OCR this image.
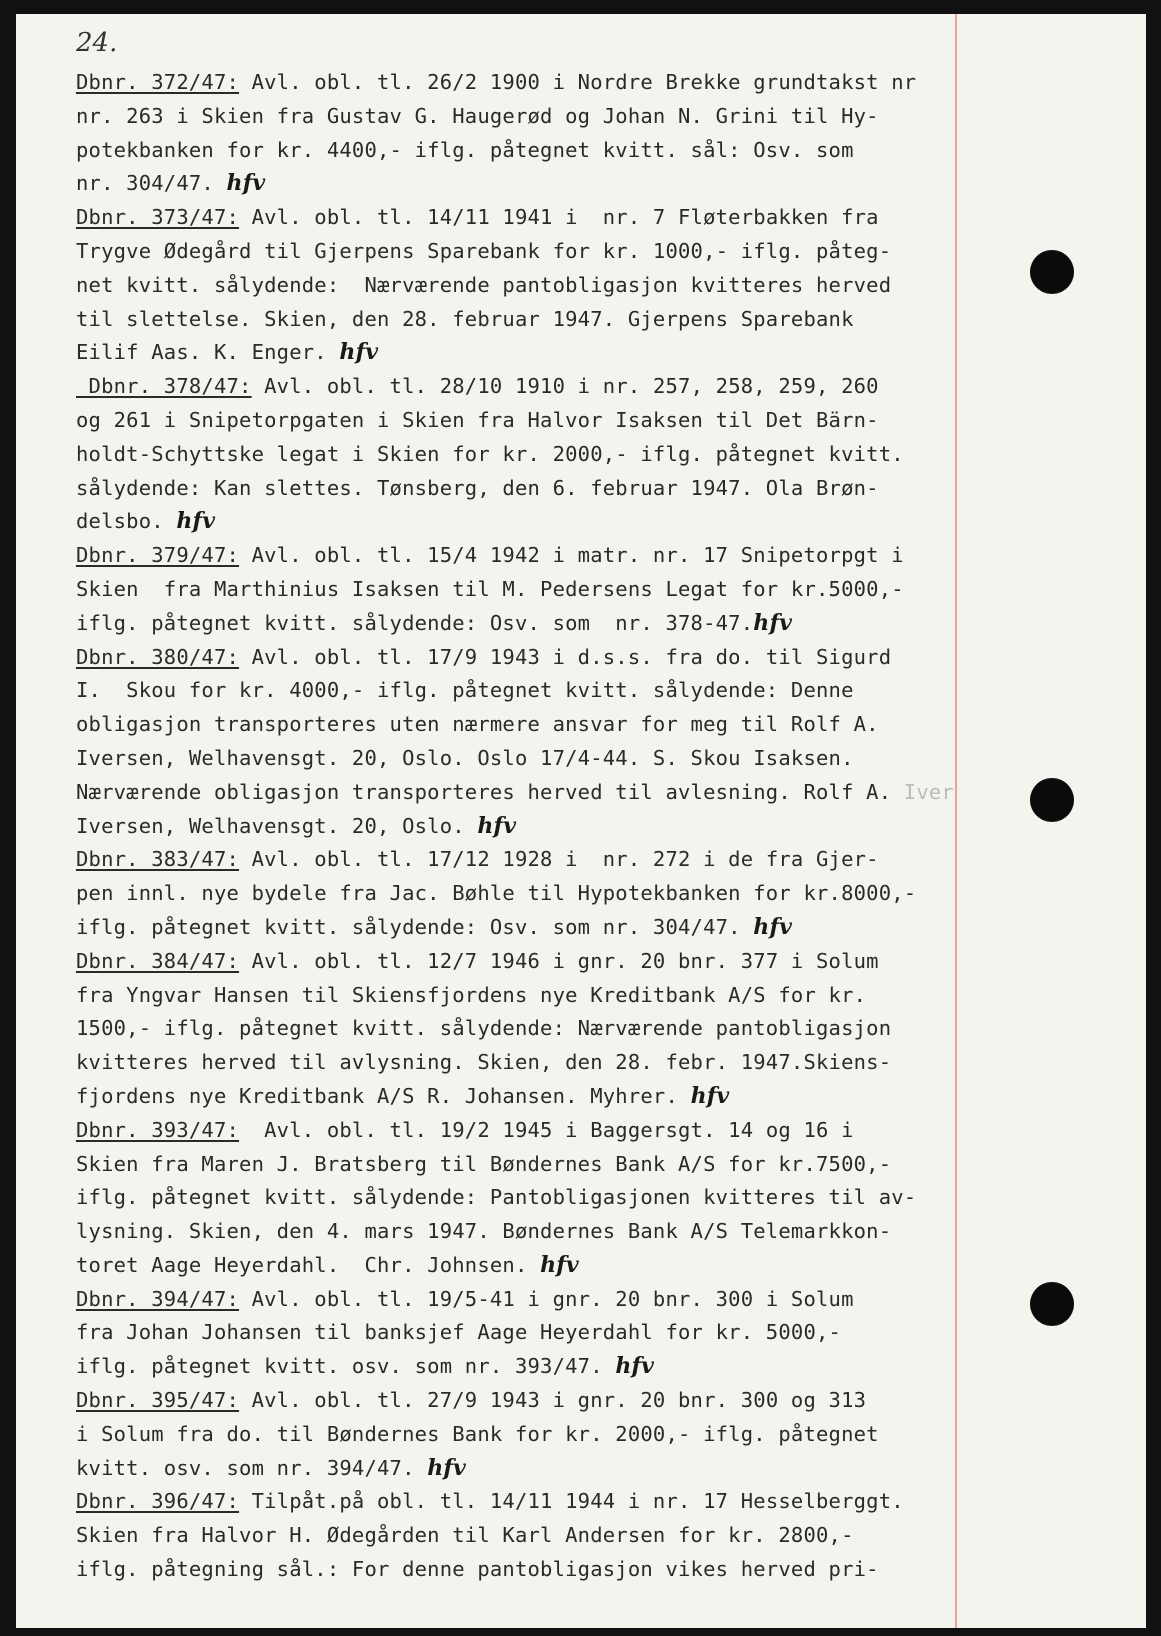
24.
Dbnr. 372/47: Avl. obl. tl. 26/2 1900 i Nordre Brekke grundtakst nr
nr. 263 i Skien fra Gustav G. Haugerød og Johan N. Grini til Hy-
potekbanken for kr. 4400,- iflg. påtegnet kvitt. sål: Osv. som
nr. 304/47. hfv
Dbnr. 373/47: Avl. obl. tl. 14/11 1941 i  nr. 7 Fløterbakken fra
Trygve Ødegård til Gjerpens Sparebank for kr. 1000,- iflg. påteg-
net kvitt. sålydende:  Nærværende pantobligasjon kvitteres herved
til slettelse. Skien, den 28. februar 1947. Gjerpens Sparebank
Eilif Aas. K. Enger. hfv
Dbnr. 378/47: Avl. obl. tl. 28/10 1910 i nr. 257, 258, 259, 260
og 261 i Snipetorpgaten i Skien fra Halvor Isaksen til Det Bärn-
holdt-Schyttske legat i Skien for kr. 2000,- iflg. påtegnet kvitt.
sålydende: Kan slettes. Tønsberg, den 6. februar 1947. Ola Brøn-
delsbo. hfv
Dbnr. 379/47: Avl. obl. tl. 15/4 1942 i matr. nr. 17 Snipetorpgt i
Skien  fra Marthinius Isaksen til M. Pedersens Legat for kr.5000,-
iflg. påtegnet kvitt. sålydende: Osv. som  nr. 378-47.hfv
Dbnr. 380/47: Avl. obl. tl. 17/9 1943 i d.s.s. fra do. til Sigurd
I.  Skou for kr. 4000,- iflg. påtegnet kvitt. sålydende: Denne
obligasjon transporteres uten nærmere ansvar for meg til Rolf A.
Iversen, Welhavensgt. 20, Oslo. Oslo 17/4-44. S. Skou Isaksen.
Nærværende obligasjon transporteres herved til avlesning. Rolf A. Iver
Iversen, Welhavensgt. 20, Oslo. hfv
Dbnr. 383/47: Avl. obl. tl. 17/12 1928 i  nr. 272 i de fra Gjer-
pen innl. nye bydele fra Jac. Bøhle til Hypotekbanken for kr.8000,-
iflg. påtegnet kvitt. sålydende: Osv. som nr. 304/47. hfv
Dbnr. 384/47: Avl. obl. tl. 12/7 1946 i gnr. 20 bnr. 377 i Solum
fra Yngvar Hansen til Skiensfjordens nye Kreditbank A/S for kr.
1500,- iflg. påtegnet kvitt. sålydende: Nærværende pantobligasjon
kvitteres herved til avlysning. Skien, den 28. febr. 1947.Skiens-
fjordens nye Kreditbank A/S R. Johansen. Myhrer. hfv
Dbnr. 393/47:  Avl. obl. tl. 19/2 1945 i Baggersgt. 14 og 16 i
Skien fra Maren J. Bratsberg til Bøndernes Bank A/S for kr.7500,-
iflg. påtegnet kvitt. sålydende: Pantobligasjonen kvitteres til av-
lysning. Skien, den 4. mars 1947. Bøndernes Bank A/S Telemarkkon-
toret Aage Heyerdahl.  Chr. Johnsen. hfv
Dbnr. 394/47: Avl. obl. tl. 19/5-41 i gnr. 20 bnr. 300 i Solum
fra Johan Johansen til banksjef Aage Heyerdahl for kr. 5000,-
iflg. påtegnet kvitt. osv. som nr. 393/47. hfv
Dbnr. 395/47: Avl. obl. tl. 27/9 1943 i gnr. 20 bnr. 300 og 313
i Solum fra do. til Bøndernes Bank for kr. 2000,- iflg. påtegnet
kvitt. osv. som nr. 394/47. hfv
Dbnr. 396/47: Tilpåt.på obl. tl. 14/11 1944 i nr. 17 Hesselberggt.
Skien fra Halvor H. Ødegården til Karl Andersen for kr. 2800,-
iflg. påtegning sål.: For denne pantobligasjon vikes herved pri-
